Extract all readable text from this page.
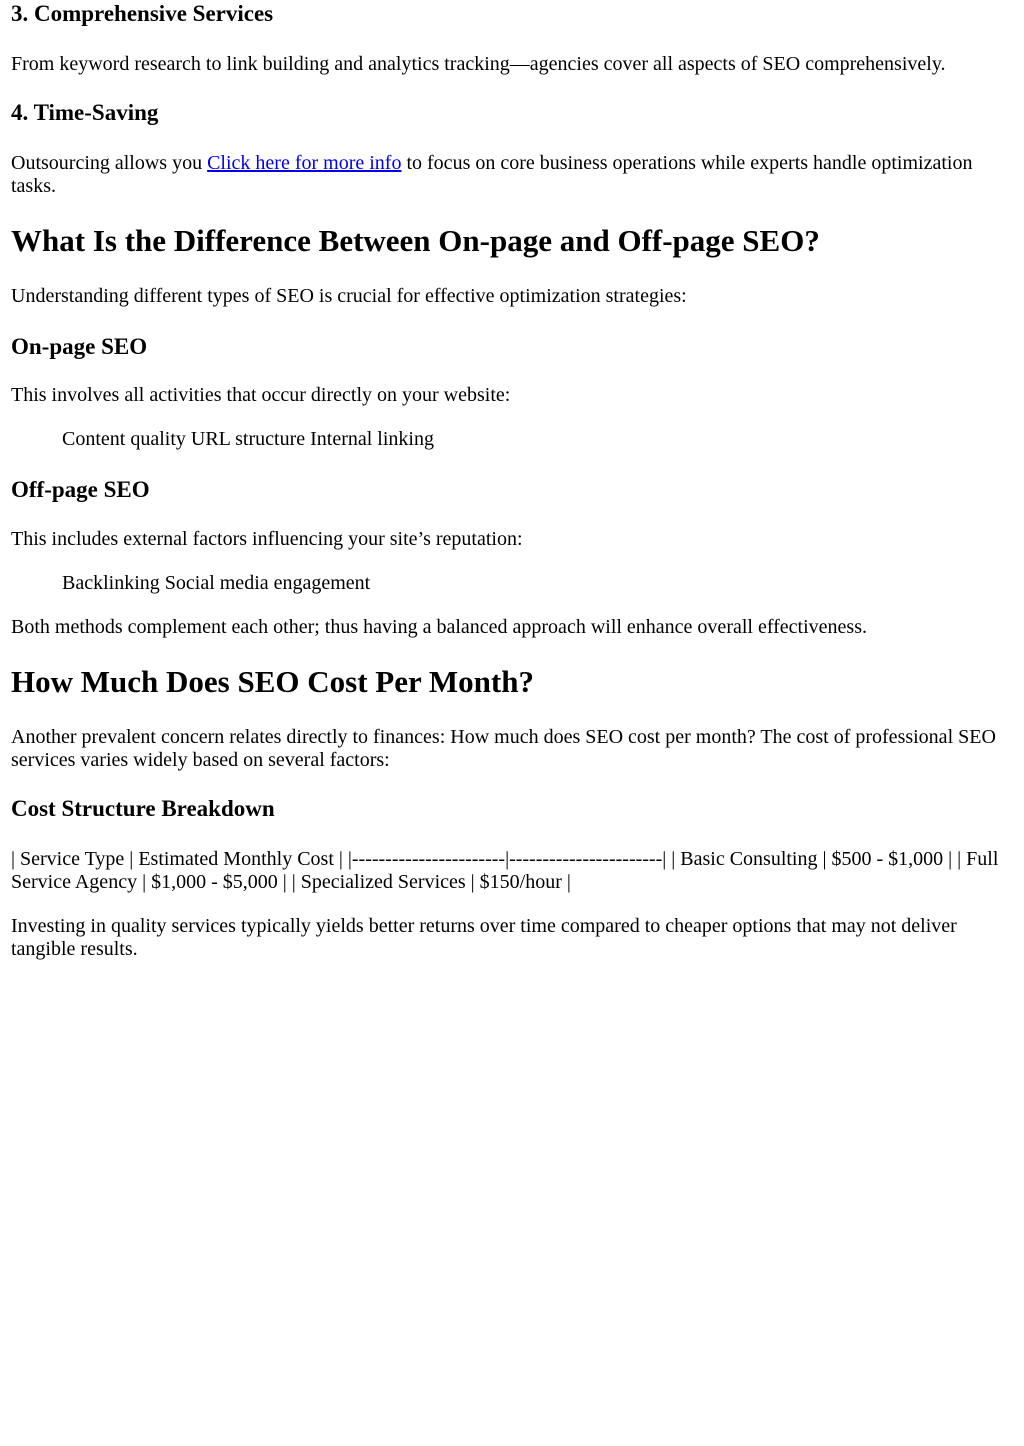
3. Comprehensive Services

From keyword research to link building and analytics tracking—agencies cover all aspects of SEO comprehensively.

4. Time-Saving

Outsourcing allows you Click here for more info to focus on core business operations while experts handle optimization tasks.

What Is the Difference Between On-page and Off-page SEO?

Understanding different types of SEO is crucial for effective optimization strategies:

On-page SEO

This involves all activities that occur directly on your website:

Content quality URL structure Internal linking

Off-page SEO

This includes external factors influencing your site’s reputation:

Backlinking Social media engagement

Both methods complement each other; thus having a balanced approach will enhance overall effectiveness.

How Much Does SEO Cost Per Month?

Another prevalent concern relates directly to finances: How much does SEO cost per month? The cost of professional SEO services varies widely based on several factors:

Cost Structure Breakdown

| Service Type | Estimated Monthly Cost | |-----------------------|-----------------------| | Basic Consulting | $500 - $1,000 | | Full Service Agency | $1,000 - $5,000 | | Specialized Services | $150/hour |

Investing in quality services typically yields better returns over time compared to cheaper options that may not deliver tangible results.
